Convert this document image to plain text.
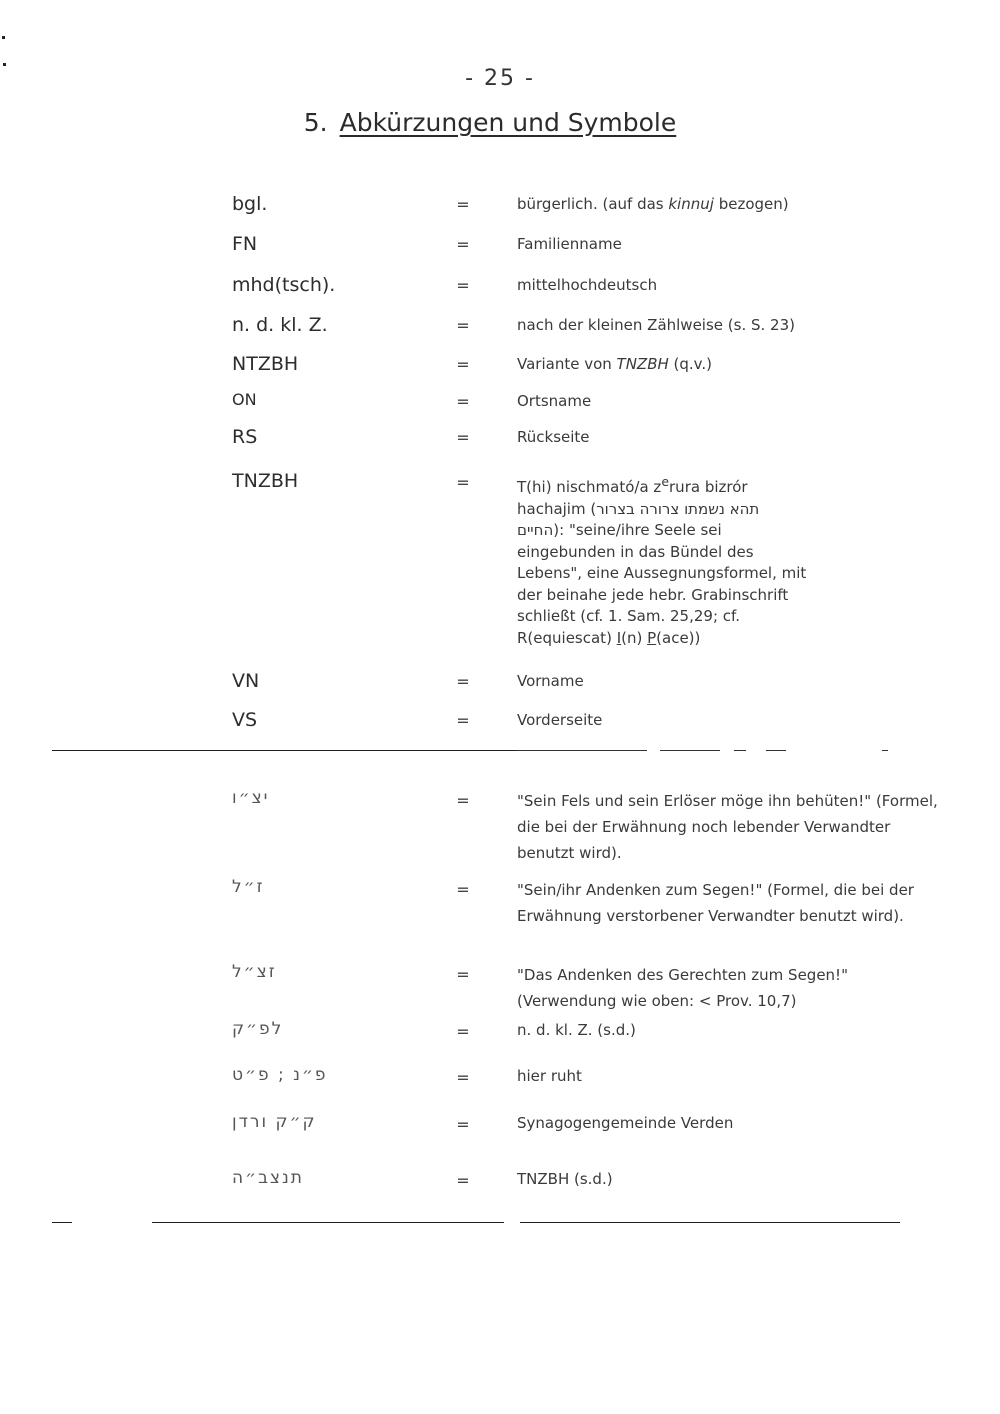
- 25 -
5. Abkürzungen und Symbole
bgl.	=	bürgerlich. (auf das kinnuj bezogen)
FN	=	Familienname
mhd(tsch).	=	mittelhochdeutsch
n. d. kl. Z.	=	nach der kleinen Zählweise (s. S. 23)
NTZBH	=	Variante von TNZBH (q.v.)
ON	=	Ortsname
RS	=	Rückseite
TNZBH	=	T(hi) nischmató/a $z^erura$ bizrór hachajim (תהא נשמתו צרורה בצרור החיים): "seine/ihre Seele sei eingebunden in das Bündel des Lebens", eine Aussegnungsformel, mit der beinahe jede hebr. Grabinschrift schließt (cf. 1. Sam. 25,29; cf. R(equiescat) I(n) P(ace))
VN	=	Vorname
VS	=	Vorderseite
יצ״ו	=	"Sein Fels und sein Erlöser möge ihn behüten!" (Formel, die bei der Erwähnung noch lebender Verwandter benutzt wird).
ז״ל	=	"Sein/ihr Andenken zum Segen!" (Formel, die bei der Erwähnung verstorbener Verwandter benutzt wird).
זצ״ל	=	"Das Andenken des Gerechten zum Segen!" (Verwendung wie oben: < Prov. 10,7)
לפ״ק	=	n. d. kl. Z. (s.d.)
פ״נ ; פ״ט	=	hier ruht
ק״ק ורדן	=	Synagogengemeinde Verden
תנצב״ה	=	TNZBH (s.d.)
